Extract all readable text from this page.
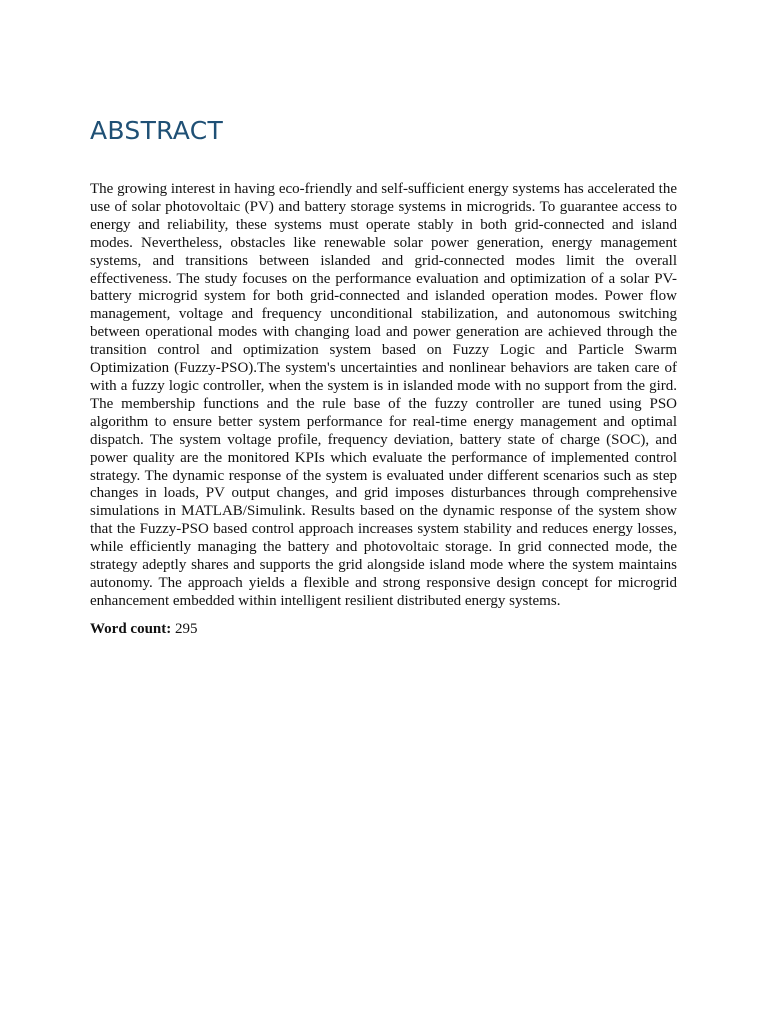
ABSTRACT

The growing interest in having eco-friendly and self-sufficient energy systems has accelerated the use of solar photovoltaic (PV) and battery storage systems in microgrids. To guarantee access to energy and reliability, these systems must operate stably in both grid-connected and island modes. Nevertheless, obstacles like renewable solar power generation, energy management systems, and transitions between islanded and grid-connected modes limit the overall effectiveness. The study focuses on the performance evaluation and optimization of a solar PV-battery microgrid system for both grid-connected and islanded operation modes. Power flow management, voltage and frequency unconditional stabilization, and autonomous switching between operational modes with changing load and power generation are achieved through the transition control and optimization system based on Fuzzy Logic and Particle Swarm Optimization (Fuzzy-PSO).The system's uncertainties and nonlinear behaviors are taken care of with a fuzzy logic controller, when the system is in islanded mode with no support from the gird. The membership functions and the rule base of the fuzzy controller are tuned using PSO algorithm to ensure better system performance for real-time energy management and optimal dispatch. The system voltage profile, frequency deviation, battery state of charge (SOC), and power quality are the monitored KPIs which evaluate the performance of implemented control strategy. The dynamic response of the system is evaluated under different scenarios such as step changes in loads, PV output changes, and grid imposes disturbances through comprehensive simulations in MATLAB/Simulink. Results based on the dynamic response of the system show that the Fuzzy-PSO based control approach increases system stability and reduces energy losses, while efficiently managing the battery and photovoltaic storage. In grid connected mode, the strategy adeptly shares and supports the grid alongside island mode where the system maintains autonomy. The approach yields a flexible and strong responsive design concept for microgrid enhancement embedded within intelligent resilient distributed energy systems.

Word count: 295
